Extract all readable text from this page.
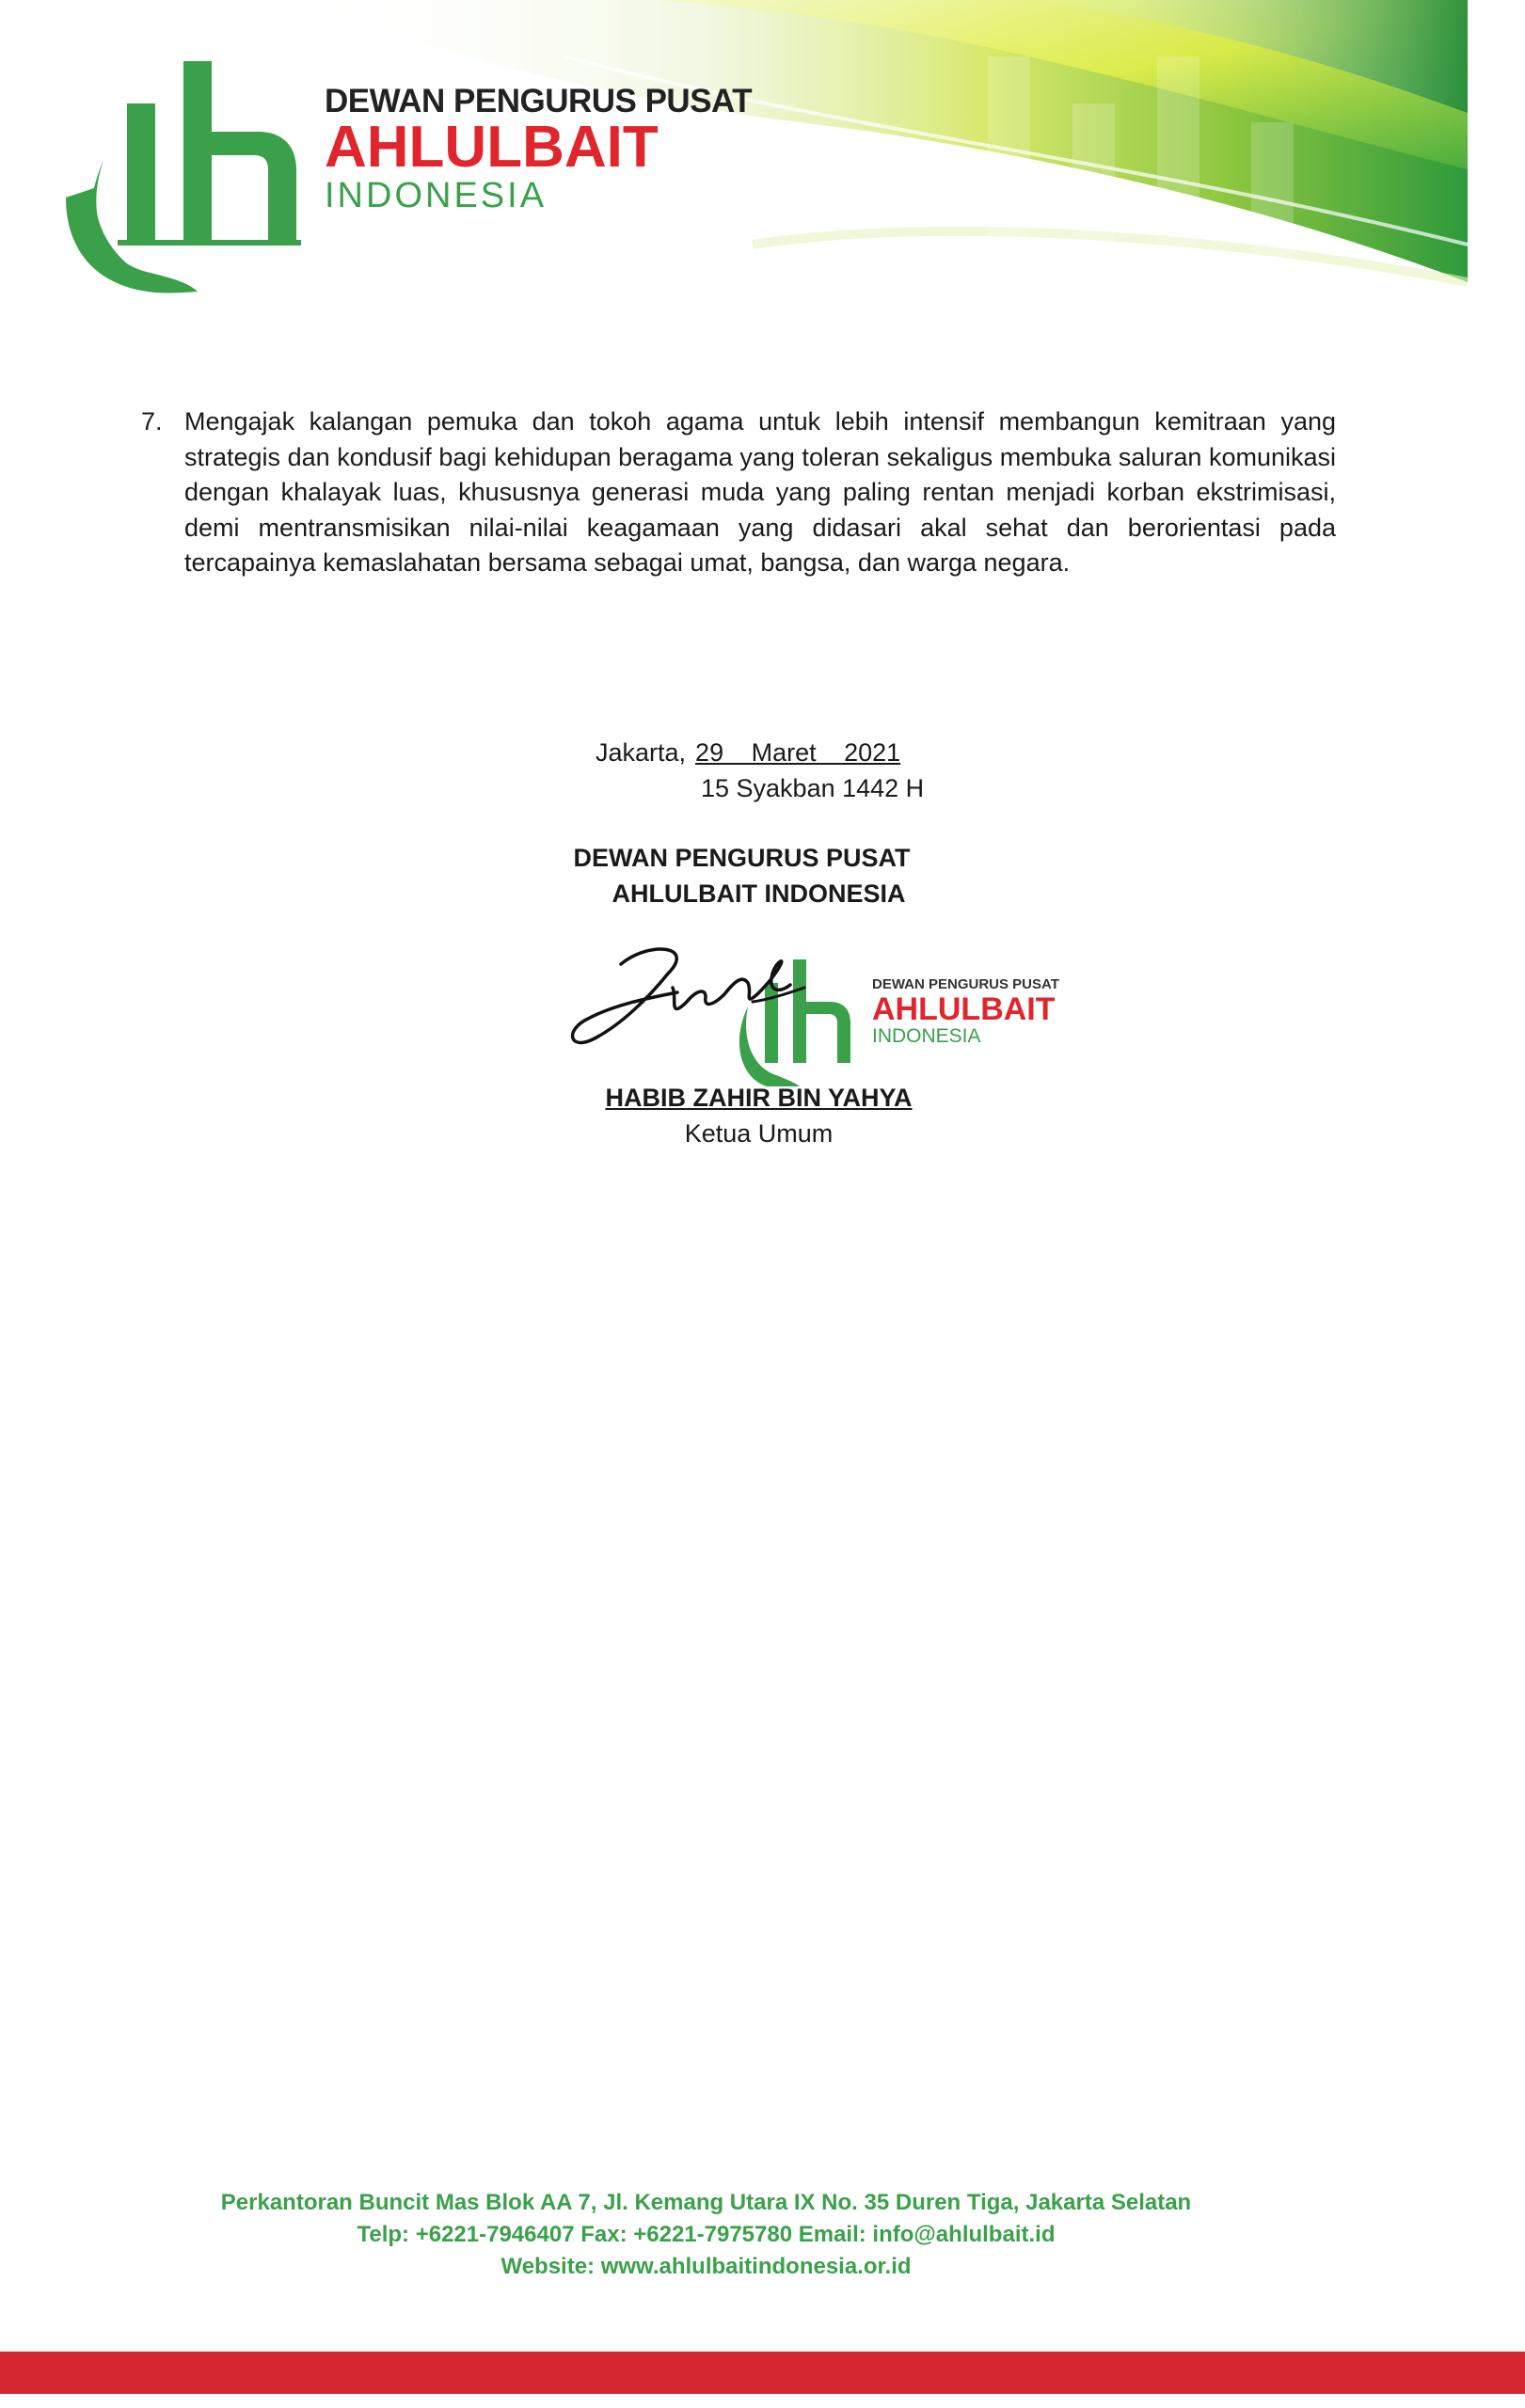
DEWAN PENGURUS PUSAT
AHLULBAIT
INDONESIA
7. Mengajak kalangan pemuka dan tokoh agama untuk lebih intensif membangun kemitraan yang strategis dan kondusif bagi kehidupan beragama yang toleran sekaligus membuka saluran komunikasi dengan khalayak luas, khususnya generasi muda yang paling rentan menjadi korban ekstrimisasi, demi mentransmisikan nilai-nilai keagamaan yang didasari akal sehat dan berorientasi pada tercapainya kemaslahatan bersama sebagai umat, bangsa, dan warga negara.
Jakarta, 29 Maret 2021
15 Syakban 1442 H
DEWAN PENGURUS PUSAT
AHLULBAIT INDONESIA
DEWAN PENGURUS PUSAT
AHLULBAIT
INDONESIA
HABIB ZAHIR BIN YAHYA
Ketua Umum
Perkantoran Buncit Mas Blok AA 7, Jl. Kemang Utara IX No. 35 Duren Tiga, Jakarta Selatan
Telp: +6221-7946407 Fax: +6221-7975780 Email: info@ahlulbait.id
Website: www.ahlulbaitindonesia.or.id
